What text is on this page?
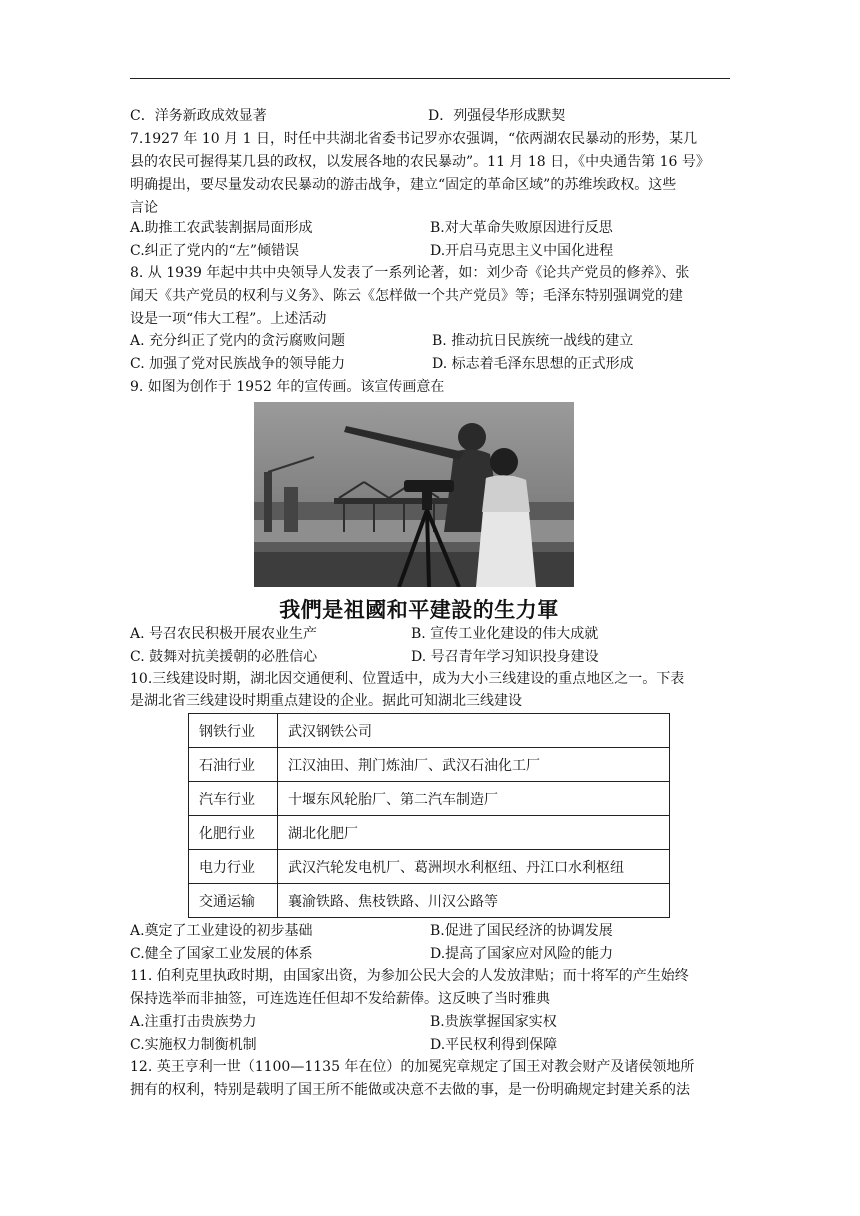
C．洋务新政成效显著	D．列强侵华形成默契
7.1927 年 10 月 1 日，时任中共湖北省委书记罗亦农强调，“依两湖农民暴动的形势，某几
县的农民可握得某几县的政权，以发展各地的农民暴动”。11 月 18 日，《中央通告第 16 号》
明确提出，要尽量发动农民暴动的游击战争，建立“固定的革命区域”的苏维埃政权。这些
言论
A.助推工农武装割据局面形成	B.对大革命失败原因进行反思
C.纠正了党内的“左”倾错误	D.开启马克思主义中国化进程
8. 从 1939 年起中共中央领导人发表了一系列论著，如：刘少奇《论共产党员的修养》、张
闻天《共产党员的权利与义务》、陈云《怎样做一个共产党员》等；毛泽东特别强调党的建
设是一项“伟大工程”。上述活动
A. 充分纠正了党内的贪污腐败问题	B. 推动抗日民族统一战线的建立
C. 加强了党对民族战争的领导能力	D. 标志着毛泽东思想的正式形成
9. 如图为创作于 1952 年的宣传画。该宣传画意在
我們是祖國和平建設的生力軍
A. 号召农民积极开展农业生产	B. 宣传工业化建设的伟大成就
C. 鼓舞对抗美援朝的必胜信心	D. 号召青年学习知识投身建设
10.三线建设时期，湖北因交通便利、位置适中，成为大小三线建设的重点地区之一。下表
是湖北省三线建设时期重点建设的企业。据此可知湖北三线建设
钢铁行业	武汉钢铁公司
石油行业	江汉油田、荆门炼油厂、武汉石油化工厂
汽车行业	十堰东风轮胎厂、第二汽车制造厂
化肥行业	湖北化肥厂
电力行业	武汉汽轮发电机厂、葛洲坝水利枢纽、丹江口水利枢纽
交通运输	襄渝铁路、焦枝铁路、川汉公路等
A.奠定了工业建设的初步基础	B.促进了国民经济的协调发展
C.健全了国家工业发展的体系	D.提高了国家应对风险的能力
11. 伯利克里执政时期，由国家出资，为参加公民大会的人发放津贴；而十将军的产生始终
保持选举而非抽签，可连选连任但却不发给薪俸。这反映了当时雅典
A.注重打击贵族势力	B.贵族掌握国家实权
C.实施权力制衡机制	D.平民权利得到保障
12. 英王亨利一世（1100—1135 年在位）的加冕宪章规定了国王对教会财产及诸侯领地所
拥有的权利，特别是载明了国王所不能做或决意不去做的事，是一份明确规定封建关系的法
